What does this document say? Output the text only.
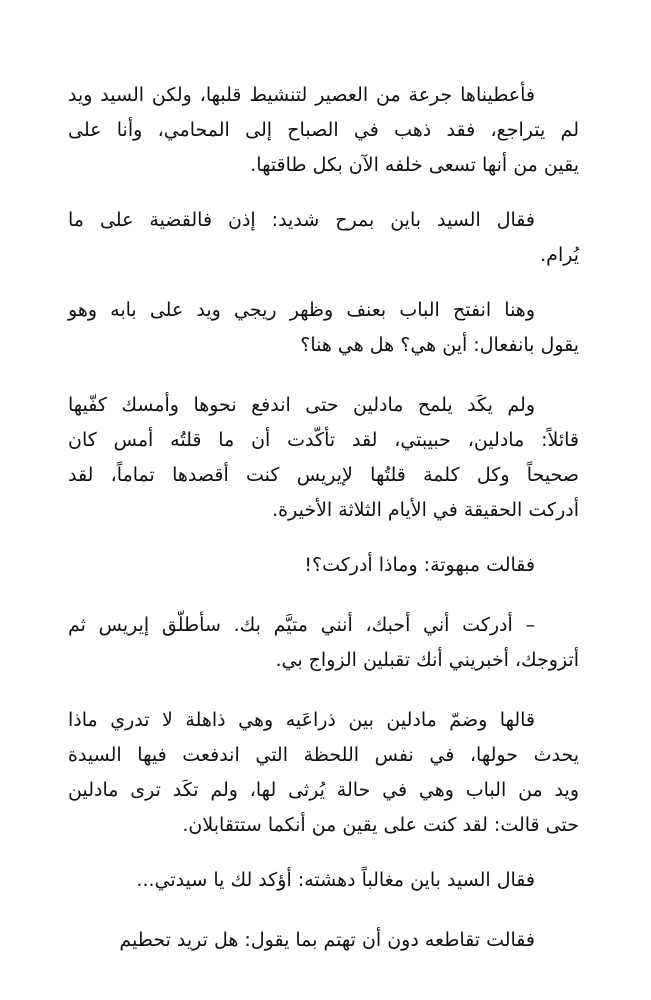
فأعطيناها جرعة من العصير لتنشيط قلبها، ولكن السيد ويد
لم يتراجع، فقد ذهب في الصباح إلى المحامي، وأنا على
يقين من أنها تسعى خلفه الآن بكل طاقتها.
فقال السيد باين بمرح شديد: إذن فالقضية على ما
يُرام.
وهنا انفتح الباب بعنف وظهر ريجي ويد على بابه وهو
يقول بانفعال: أين هي؟ هل هي هنا؟
ولم يكَد يلمح مادلين حتى اندفع نحوها وأمسك كفّيها
قائلاً: مادلين، حبيبتي، لقد تأكّدت أن ما قلتُه أمس كان
صحيحاً وكل كلمة قلتُها لإيريس كنت أقصدها تماماً، لقد
أدركت الحقيقة في الأيام الثلاثة الأخيرة.
فقالت مبهوتة: وماذا أدركت؟!
– أدركت أني أحبك، أنني متيَّم بك. سأطلّق إيريس ثم
أتزوجك، أخبريني أنك تقبلين الزواج بي.
قالها وضمّ مادلين بين ذراعَيه وهي ذاهلة لا تدري ماذا
يحدث حولها، في نفس اللحظة التي اندفعت فيها السيدة
ويد من الباب وهي في حالة يُرثى لها، ولم تكَد ترى مادلين
حتى قالت: لقد كنت على يقين من أنكما ستتقابلان.
فقال السيد باين مغالباً دهشته: أؤكد لك يا سيدتي...
فقالت تقاطعه دون أن تهتم بما يقول: هل تريد تحطيم
